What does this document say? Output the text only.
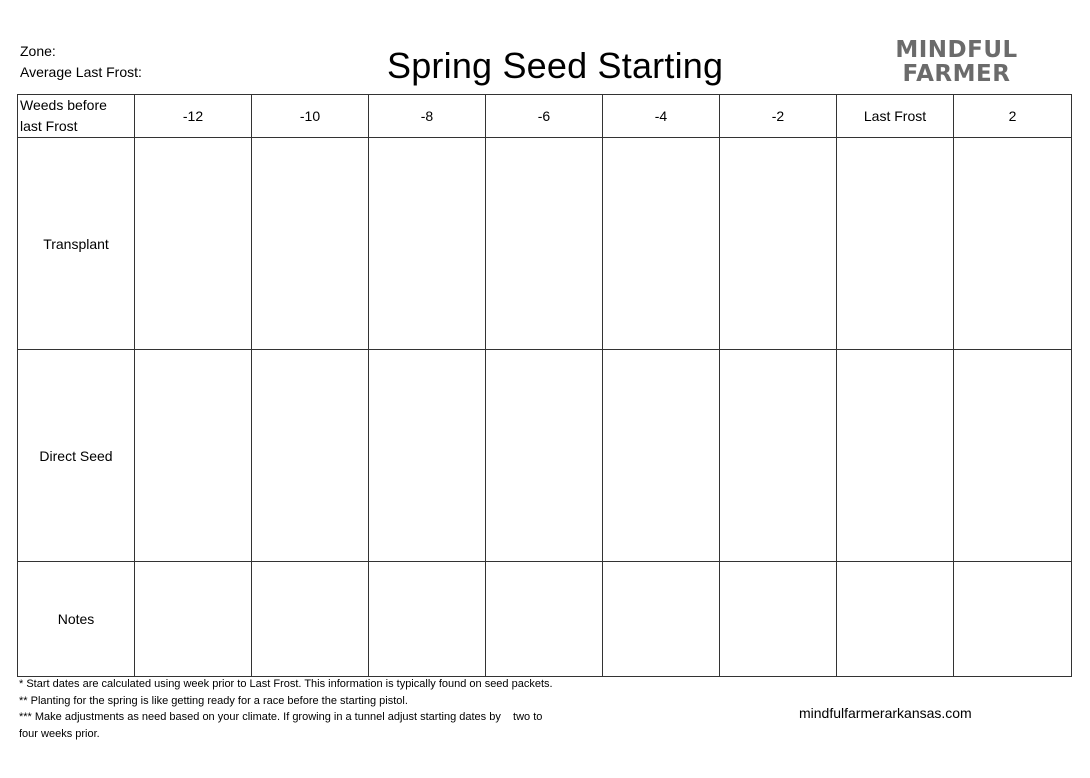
Zone:
Average Last Frost:	Spring Seed Starting	MINDFUL
FARMER
Weeds before
last Frost	-12	-10	-8	-6	-4	-2	Last Frost	2
Transplant								
Direct Seed								
Notes								

* Start dates are calculated using week prior to Last Frost. This information is typically found on seed packets.

** Planting for the spring is like getting ready for a race before the starting pistol.

*** Make adjustments as need based on your climate. If growing in a tunnel adjust starting dates by    two to

four weeks prior.

mindfulfarmerarkansas.com
